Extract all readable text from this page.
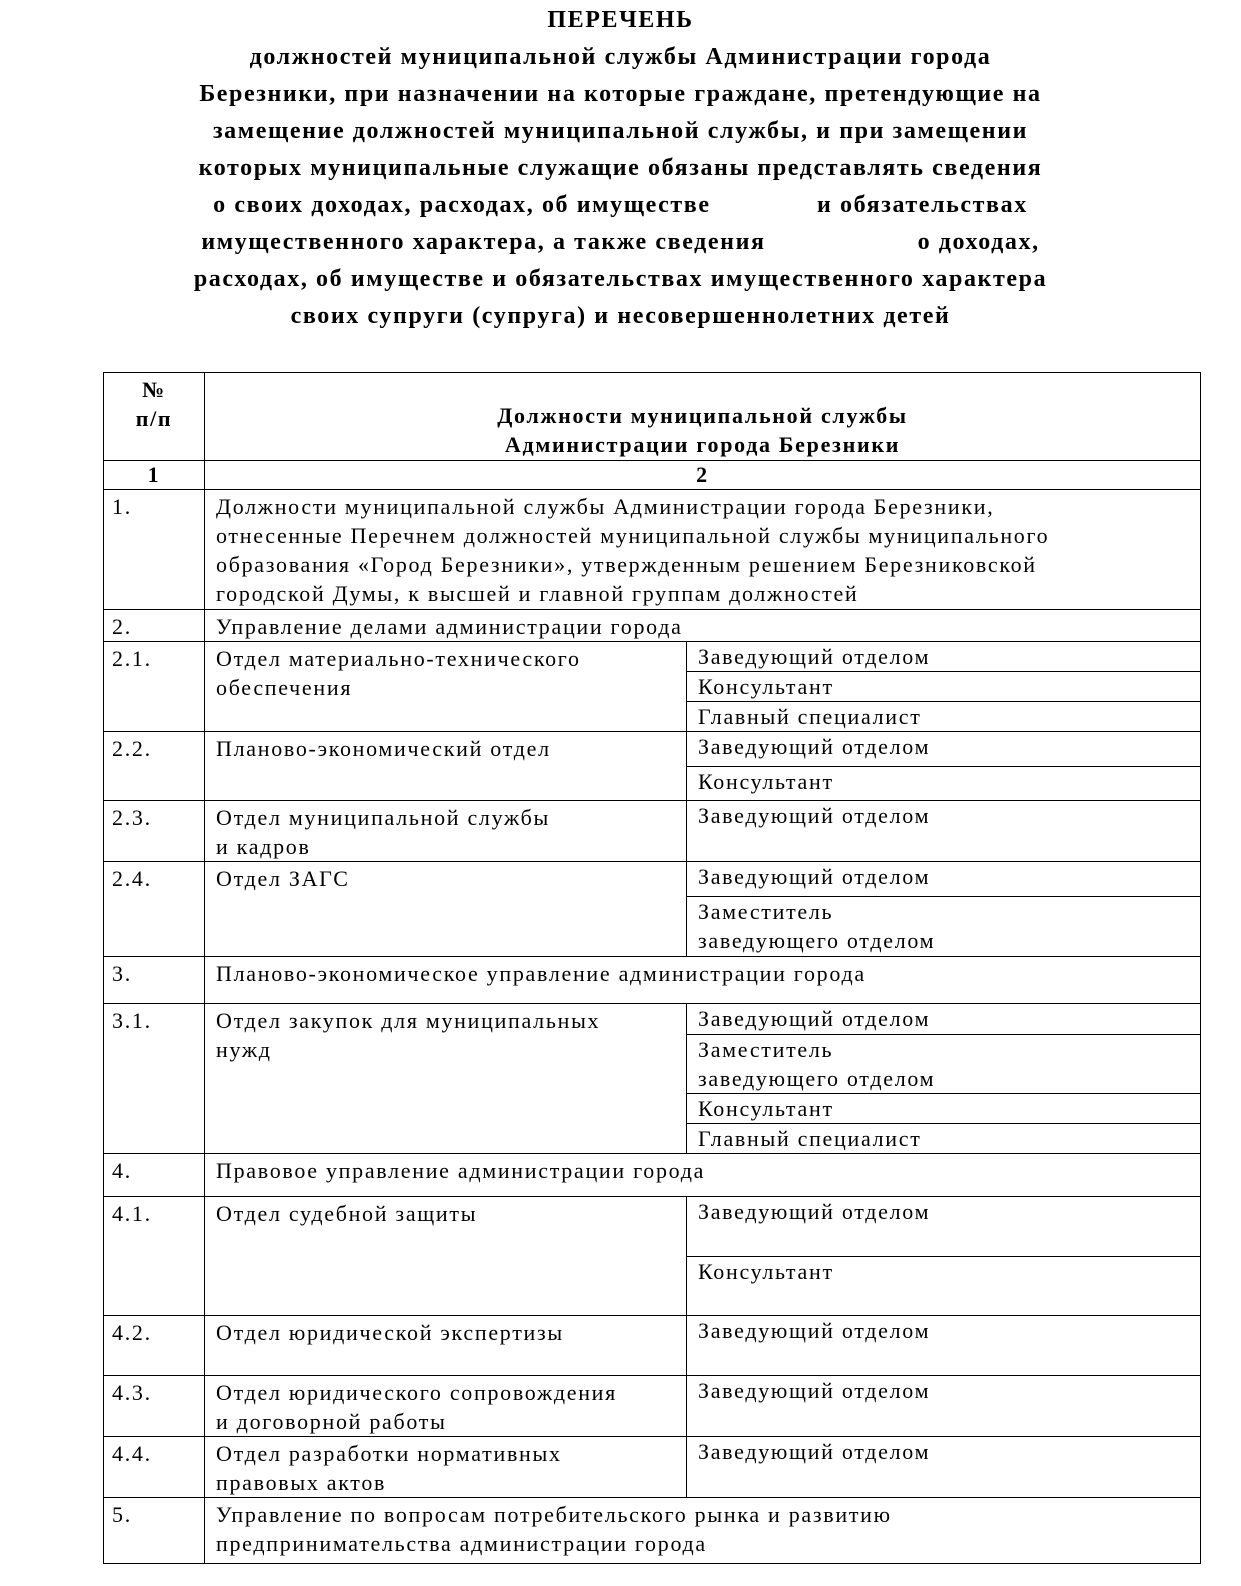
ПЕРЕЧЕНЬ
должностей муниципальной службы Администрации города
Березники, при назначении на которые граждане, претендующие на
замещение должностей муниципальной службы, и при замещении
которых муниципальные служащие обязаны представлять сведения
о своих доходах, расходах, об имуществе              и обязательствах
имущественного характера, а также сведения                    о доходах,
расходах, об имуществе и обязательствах имущественного характера
своих супруги (супруга) и несовершеннолетних детей
№
п/п	Должности муниципальной службы
Администрации города Березники	

1	2	
1.	Должности муниципальной службы Администрации города Березники,
отнесенные Перечнем должностей муниципальной службы муниципального
образования «Город Березники», утвержденным решением Березниковской
городской Думы, к высшей и главной группам должностей	

2.	Управление делами администрации города	
2.1.	Отдел материально-технического
обеспечения	Заведующий отделом
		Консультант
		Главный специалист
2.2.	Планово-экономический отдел	Заведующий отделом
		Консультант
2.3.	Отдел муниципальной службы
и кадров	Заведующий отделом
2.4.	Отдел ЗАГС	Заведующий отделом

		Заместитель
заведующего отделом

3.	Планово-экономическое управление администрации города	
3.1.	Отдел закупок для муниципальных
нужд	Заведующий отделом

		Заместитель
заведующего отделом

		Консультант
		Главный специалист
4.	Правовое управление администрации города	
4.1.	Отдел судебной защиты	Заведующий отделом
		Консультант
4.2.	Отдел юридической экспертизы	Заведующий отделом
4.3.	Отдел юридического сопровождения
и договорной работы	Заведующий отделом
4.4.	Отдел разработки нормативных
правовых актов	Заведующий отделом
5.	Управление по вопросам потребительского рынка и развитию
предпринимательства администрации города	
